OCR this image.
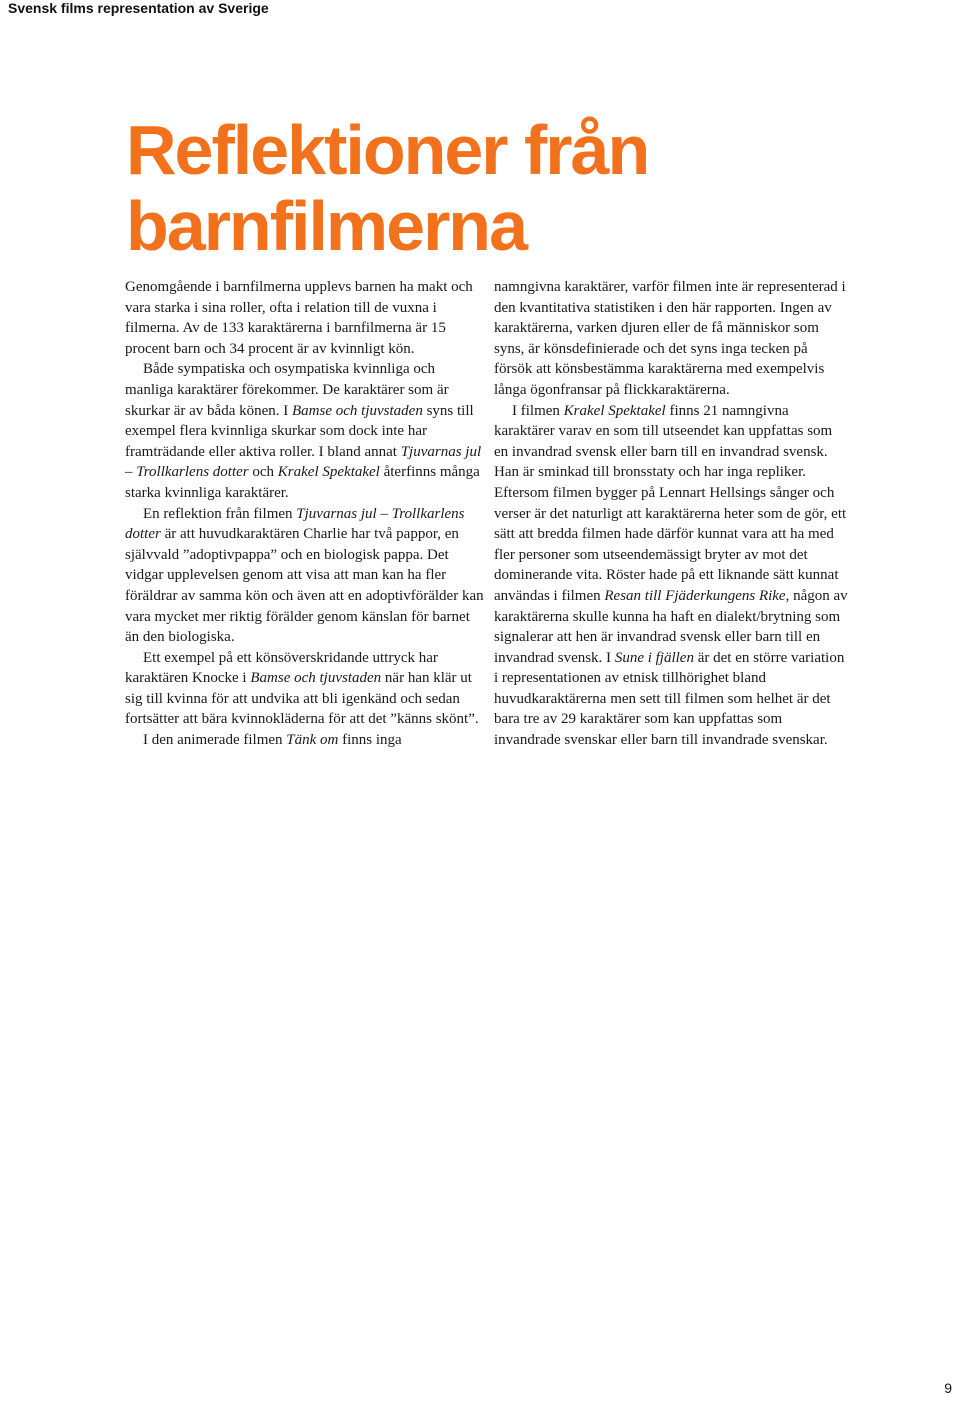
Svensk films representation av Sverige
Reflektioner från
barnfilmerna

Genomgående i barnfilmerna upplevs barnen ha makt och vara starka i sina roller, ofta i relation till de vuxna i filmerna. Av de 133 karaktärerna i barnfilmerna är 15 procent barn och 34 procent är av kvinnligt kön.

Både sympatiska och osympatiska kvinnliga och manliga karaktärer förekommer. De karaktärer som är skurkar är av båda könen. I Bamse och tjuvstaden syns till exempel flera kvinnliga skurkar som dock inte har framträdande eller aktiva roller. I bland annat Tjuvarnas jul – Trollkarlens dotter och Krakel Spektakel återfinns många starka kvinnliga karaktärer.

En reflektion från filmen Tjuvarnas jul – Trollkarlens dotter är att huvudkaraktären Charlie har två pappor, en självvald ”adoptivpappa” och en biologisk pappa. Det vidgar upplevelsen genom att visa att man kan ha fler föräldrar av samma kön och även att en adoptivförälder kan vara mycket mer riktig förälder genom känslan för barnet än den biologiska.

Ett exempel på ett könsöverskridande uttryck har karaktären Knocke i Bamse och tjuvstaden när han klär ut sig till kvinna för att undvika att bli igenkänd och sedan fortsätter att bära kvinnokläderna för att det ”känns skönt”.

I den animerade filmen Tänk om finns inga

namngivna karaktärer, varför filmen inte är representerad i den kvantitativa statistiken i den här rapporten. Ingen av karaktärerna, varken djuren eller de få människor som syns, är könsdefinierade och det syns inga tecken på försök att könsbestämma karaktärerna med exempelvis långa ögonfransar på flickkaraktärerna.

I filmen Krakel Spektakel finns 21 namngivna karaktärer varav en som till utseendet kan uppfattas som en invandrad svensk eller barn till en invandrad svensk. Han är sminkad till bronsstaty och har inga repliker. Eftersom filmen bygger på Lennart Hellsings sånger och verser är det naturligt att karaktärerna heter som de gör, ett sätt att bredda filmen hade därför kunnat vara att ha med fler personer som utseendemässigt bryter av mot det dominerande vita. Röster hade på ett liknande sätt kunnat användas i filmen Resan till Fjäderkungens Rike, någon av karaktärerna skulle kunna ha haft en dialekt/brytning som signalerar att hen är invandrad svensk eller barn till en invandrad svensk. I Sune i fjällen är det en större variation i representationen av etnisk tillhörighet bland huvudkaraktärerna men sett till filmen som helhet är det bara tre av 29 karaktärer som kan uppfattas som invandrade svenskar eller barn till invandrade svenskar.

9
